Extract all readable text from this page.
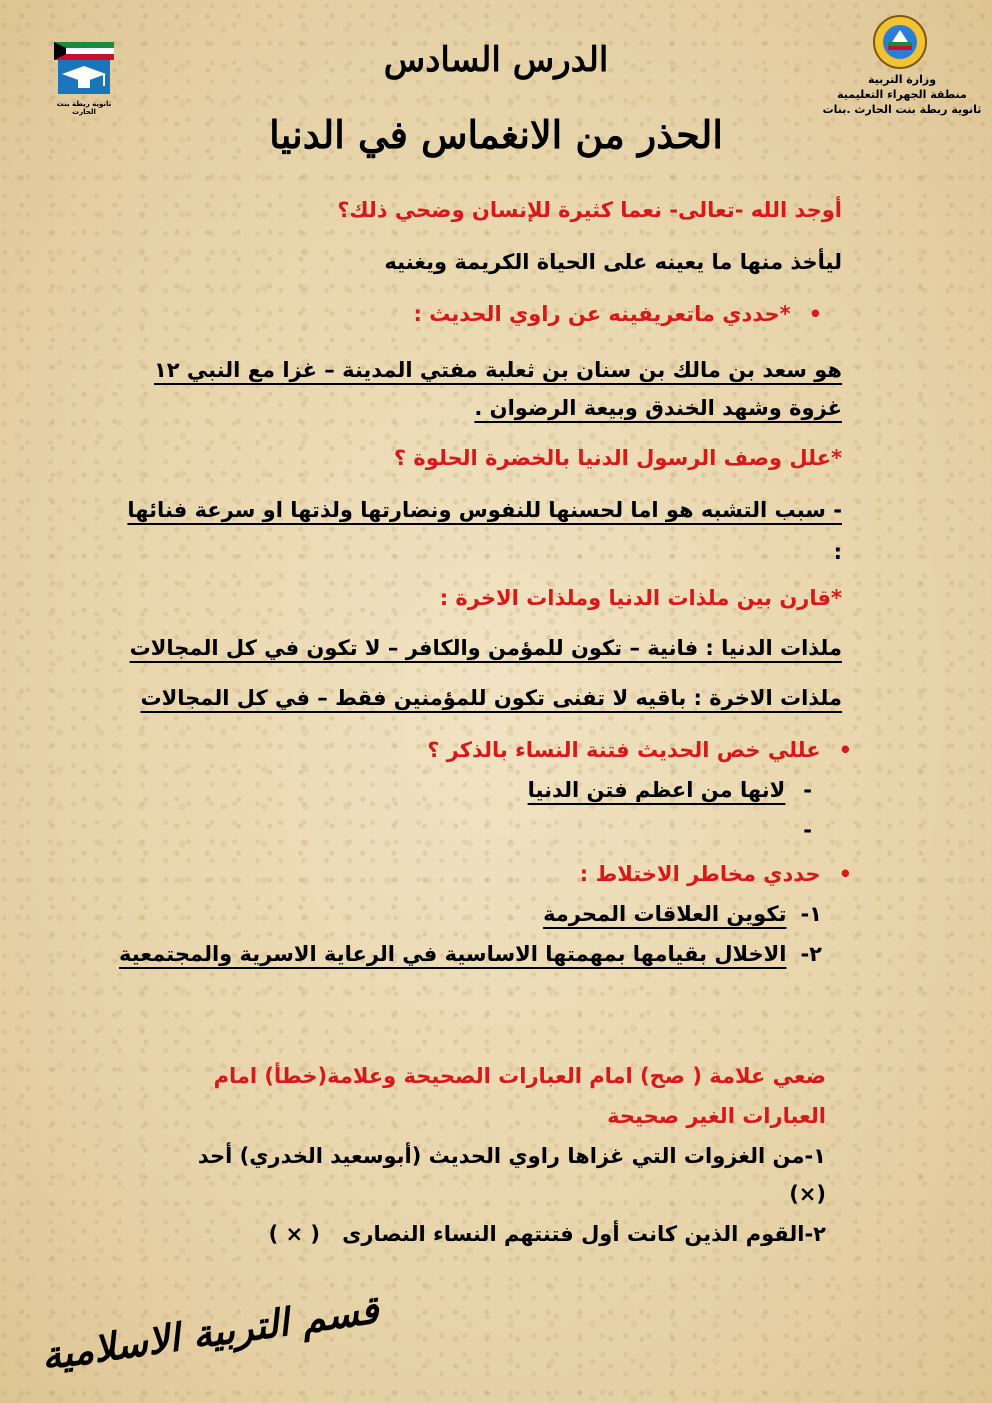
ثانوية ريطة بنت الحارث
وزارة التربية
منطقة الجهراء التعليمية
ثانوية ربطة بنت الحارث .بنات
الدرس السادس
الحذر من الانغماس في الدنيا
أوجد الله -تعالى- نعما كثيرة للإنسان وضحي ذلك؟
ليأخذ منها ما يعينه على الحياة الكريمة ويغنيه
• *حددي ماتعريفينه عن راوي الحديث :
هو سعد بن مالك بن سنان بن ثعلبة مفتي المدينة – غزا مع النبي ١٢
غزوة وشهد الخندق وبيعة الرضوان .
*علل وصف الرسول الدنيا بالخضرة الحلوة ؟
- سبب التشبه هو اما لحسنها للنفوس ونضارتها ولذتها او سرعة فنائها
:
*قارن بين ملذات الدنيا وملذات الاخرة :
ملذات الدنيا : فانية – تكون للمؤمن والكافر – لا تكون في كل المجالات
ملذات الاخرة : باقيه لا تفنى تكون للمؤمنين فقط – في كل المجالات
• عللي خص الحديث فتنة النساء بالذكر ؟
-لانها من اعظم فتن الدنيا
-
• حددي مخاطر الاختلاط :
١-تكوين العلاقات المحرمة
٢-الاخلال بقيامها بمهمتها الاساسية في الرعاية الاسرية والمجتمعية
ضعي علامة ( صح) امام العبارات الصحيحة وعلامة(خطأ) امام
العبارات الغير صحيحة
١-من الغزوات التي غزاها راوي الحديث (أبوسعيد الخدري) أحد
(×)
٢-القوم الذين كانت أول فتنتهم النساء النصارى
( × )
قسم التربية الاسلامية
